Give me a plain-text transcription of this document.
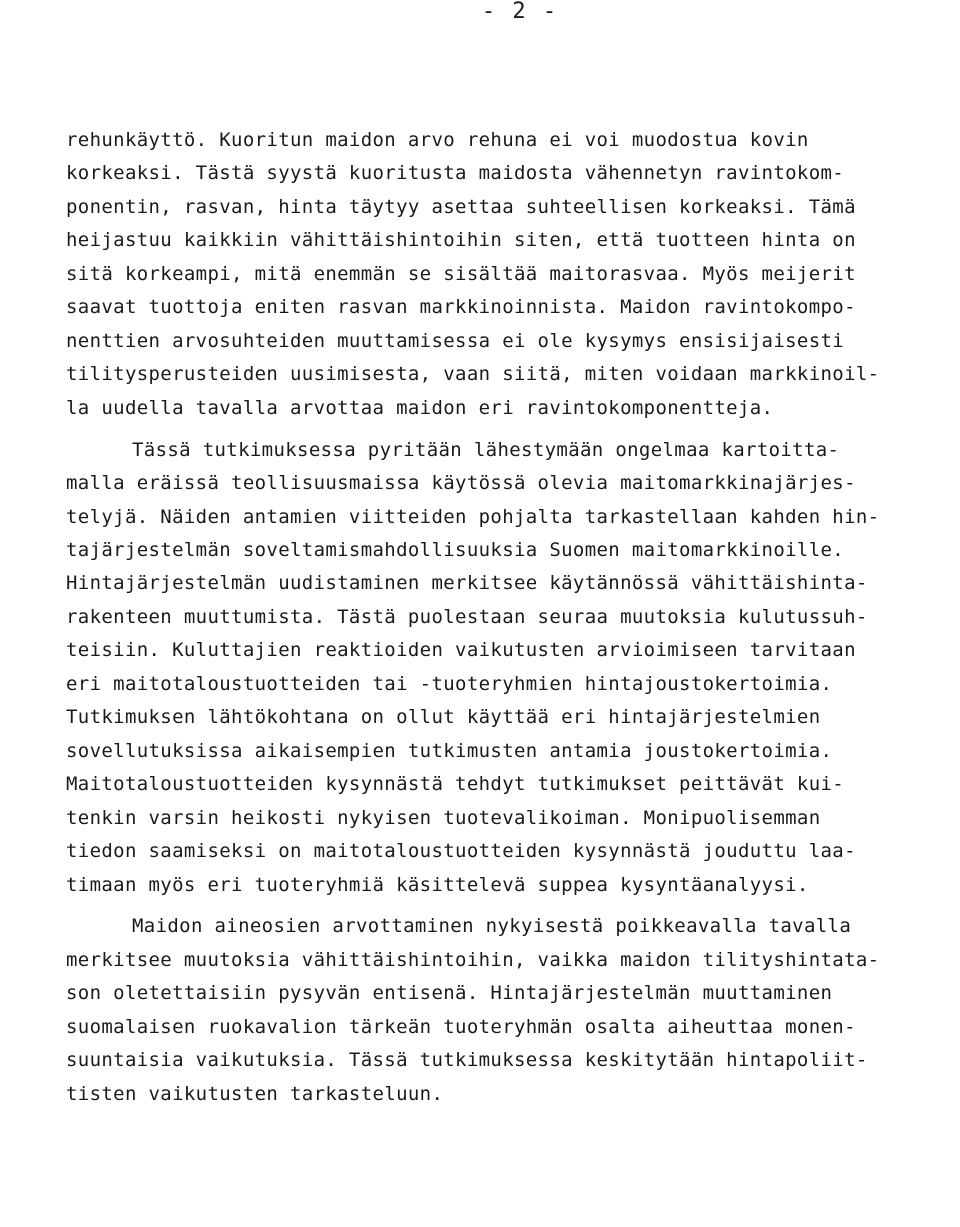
- 2 -
rehunkäyttö. Kuoritun maidon arvo rehuna ei voi muodostua kovin
korkeaksi. Tästä syystä kuoritusta maidosta vähennetyn ravintokom-
ponentin, rasvan, hinta täytyy asettaa suhteellisen korkeaksi. Tämä
heijastuu kaikkiin vähittäishintoihin siten, että tuotteen hinta on
sitä korkeampi, mitä enemmän se sisältää maitorasvaa. Myös meijerit
saavat tuottoja eniten rasvan markkinoinnista. Maidon ravintokompo-
nenttien arvosuhteiden muuttamisessa ei ole kysymys ensisijaisesti
tilitysperusteiden uusimisesta, vaan siitä, miten voidaan markkinoil-
la uudella tavalla arvottaa maidon eri ravintokomponentteja.
Tässä tutkimuksessa pyritään lähestymään ongelmaa kartoitta-
malla eräissä teollisuusmaissa käytössä olevia maitomarkkinajärjes-
telyjä. Näiden antamien viitteiden pohjalta tarkastellaan kahden hin-
tajärjestelmän soveltamismahdollisuuksia Suomen maitomarkkinoille.
Hintajärjestelmän uudistaminen merkitsee käytännössä vähittäishinta-
rakenteen muuttumista. Tästä puolestaan seuraa muutoksia kulutussuh-
teisiin. Kuluttajien reaktioiden vaikutusten arvioimiseen tarvitaan
eri maitotaloustuotteiden tai -tuoteryhmien hintajoustokertoimia.
Tutkimuksen lähtökohtana on ollut käyttää eri hintajärjestelmien
sovellutuksissa aikaisempien tutkimusten antamia joustokertoimia.
Maitotaloustuotteiden kysynnästä tehdyt tutkimukset peittävät kui-
tenkin varsin heikosti nykyisen tuotevalikoiman. Monipuolisemman
tiedon saamiseksi on maitotaloustuotteiden kysynnästä jouduttu laa-
timaan myös eri tuoteryhmiä käsittelevä suppea kysyntäanalyysi.
Maidon aineosien arvottaminen nykyisestä poikkeavalla tavalla
merkitsee muutoksia vähittäishintoihin, vaikka maidon tilityshintata-
son oletettaisiin pysyvän entisenä. Hintajärjestelmän muuttaminen
suomalaisen ruokavalion tärkeän tuoteryhmän osalta aiheuttaa monen-
suuntaisia vaikutuksia. Tässä tutkimuksessa keskitytään hintapoliit-
tisten vaikutusten tarkasteluun.
